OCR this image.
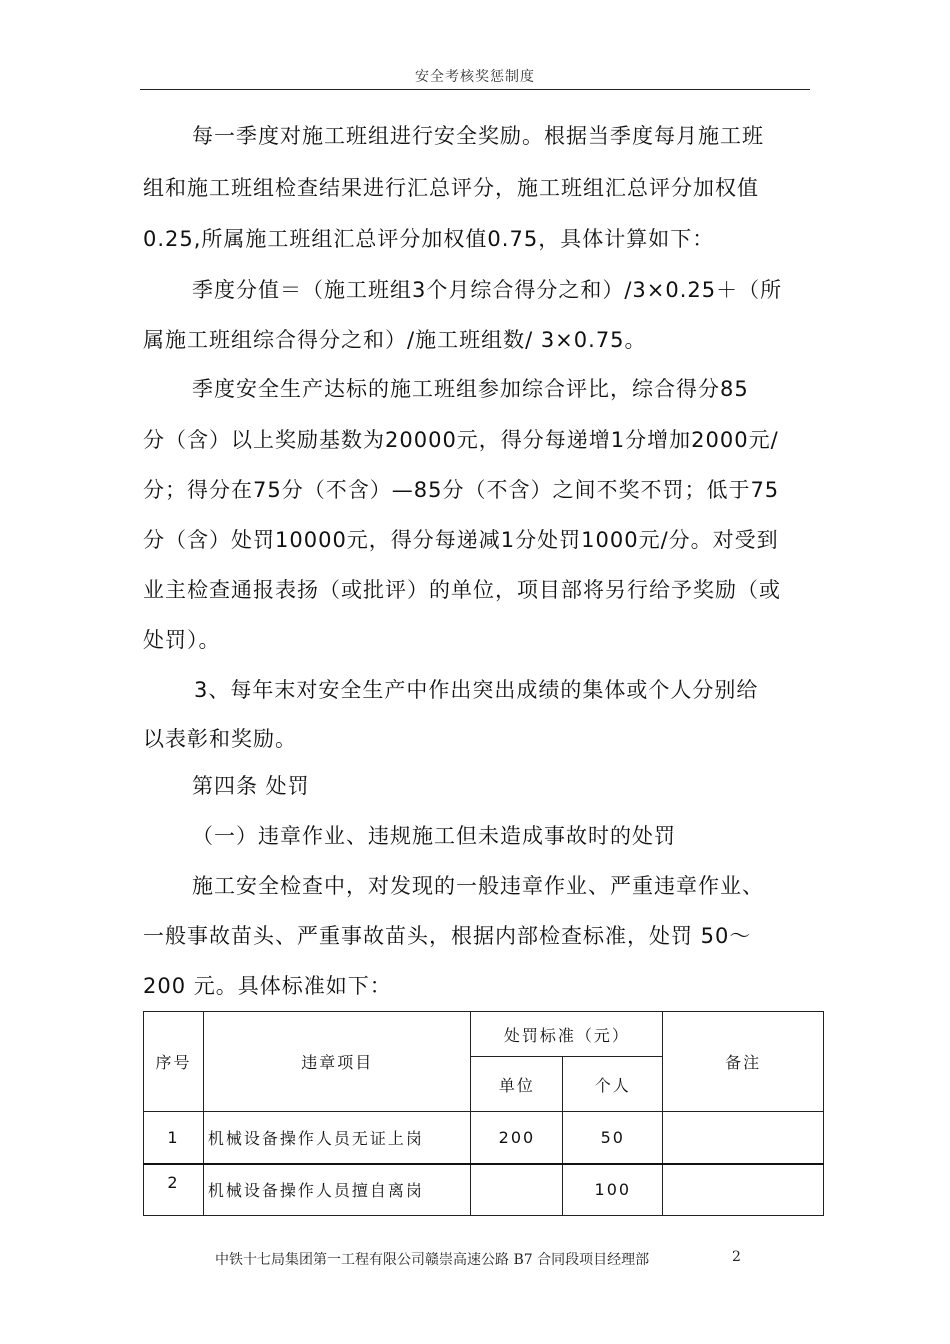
安全考核奖惩制度
每一季度对施工班组进行安全奖励。根据当季度每月施工班
组和施工班组检查结果进行汇总评分，施工班组汇总评分加权值
0.25,所属施工班组汇总评分加权值0.75，具体计算如下：
季度分值＝（施工班组3个月综合得分之和）/3×0.25＋（所
属施工班组综合得分之和）/施工班组数/ 3×0.75。
季度安全生产达标的施工班组参加综合评比，综合得分85
分（含）以上奖励基数为20000元，得分每递增1分增加2000元/
分；得分在75分（不含）—85分（不含）之间不奖不罚；低于75
分（含）处罚10000元，得分每递减1分处罚1000元/分。对受到
业主检查通报表扬（或批评）的单位，项目部将另行给予奖励（或
处罚）。
3、每年末对安全生产中作出突出成绩的集体或个人分别给
以表彰和奖励。
第四条 处罚
（一）违章作业、违规施工但未造成事故时的处罚
施工安全检查中，对发现的一般违章作业、严重违章作业、
一般事故苗头、严重事故苗头，根据内部检查标准，处罚 50～
200 元。具体标准如下：
序号	违章项目	处罚标准（元）		备注
		单位	个人	
1	机械设备操作人员无证上岗	200	50	
2	机械设备操作人员擅自离岗		100	
中铁十七局集团第一工程有限公司赣崇高速公路 B7 合同段项目经理部	2
